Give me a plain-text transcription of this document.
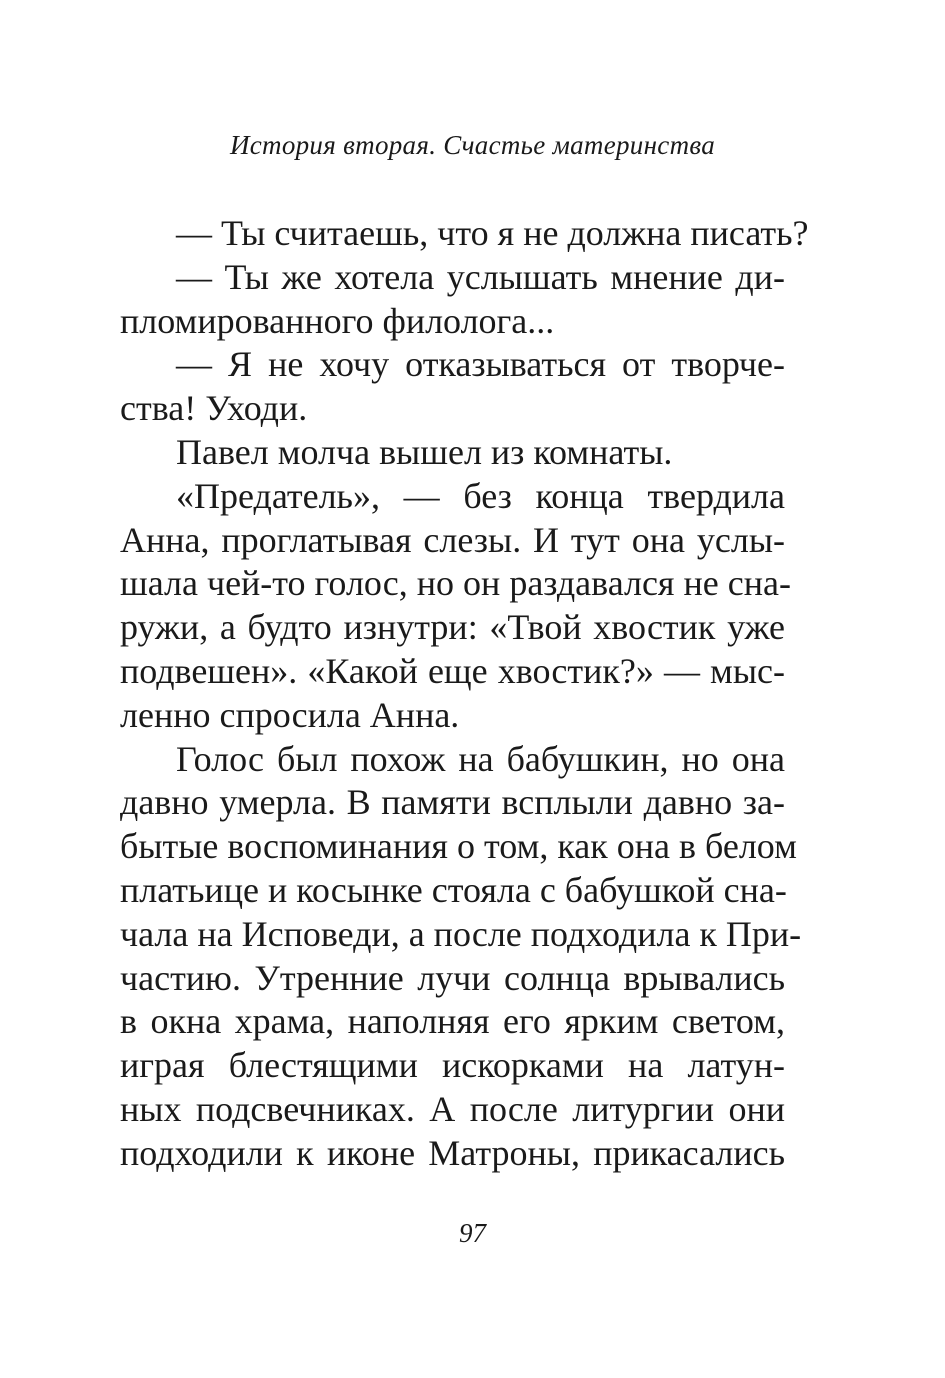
История вторая. Счастье материнства
— Ты считаешь, что я не должна писать?
— Ты же хотела услышать мнение ди-
пломированного филолога...
— Я не хочу отказываться от творче-
ства! Уходи.
Павел молча вышел из комнаты.
«Предатель», — без конца твердила
Анна, проглатывая слезы. И тут она услы-
шала чей-то голос, но он раздавался не сна-
ружи, а будто изнутри: «Твой хвостик уже
подвешен». «Какой еще хвостик?» — мыс-
ленно спросила Анна.
Голос был похож на бабушкин, но она
давно умерла. В памяти всплыли давно за-
бытые воспоминания о том, как она в белом
платьице и косынке стояла с бабушкой сна-
чала на Исповеди, а после подходила к При-
частию. Утренние лучи солнца врывались
в окна храма, наполняя его ярким светом,
играя блестящими искорками на латун-
ных подсвечниках. А после литургии они
подходили к иконе Матроны, прикасались
97
